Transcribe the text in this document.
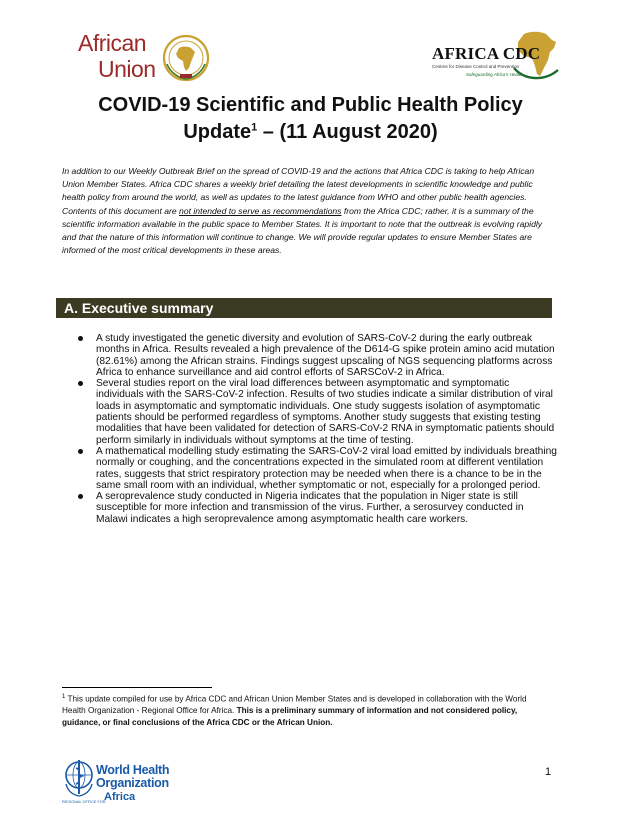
African
Union
AFRICA CDC
Centres for Disease Control and Prevention
Safeguarding Africa's Health
COVID-19 Scientific and Public Health Policy
Update$^1$ – (11 August 2020)

In addition to our Weekly Outbreak Brief on the spread of COVID-19 and the actions that Africa CDC is taking to help African Union Member States. Africa CDC shares a weekly brief detailing the latest developments in scientific knowledge and public health policy from around the world, as well as updates to the latest guidance from WHO and other public health agencies. Contents of this document are not intended to serve as recommendations from the Africa CDC; rather, it is a summary of the scientific information available in the public space to Member States. It is important to note that the outbreak is evolving rapidly and that the nature of this information will continue to change. We will provide regular updates to ensure Member States are informed of the most critical developments in these areas.

A. Executive summary
A study investigated the genetic diversity and evolution of SARS-CoV-2 during the early outbreak months in Africa. Results revealed a high prevalence of the D614-G spike protein amino acid mutation (82.61%) among the African strains. Findings suggest upscaling of NGS sequencing platforms across Africa to enhance surveillance and aid control efforts of SARSCoV-2 in Africa.
Several studies report on the viral load differences between asymptomatic and symptomatic individuals with the SARS-CoV-2 infection. Results of two studies indicate a similar distribution of viral loads in asymptomatic and symptomatic individuals. One study suggests isolation of asymptomatic patients should be performed regardless of symptoms. Another study suggests that existing testing modalities that have been validated for detection of SARS-CoV-2 RNA in symptomatic patients should perform similarly in individuals without symptoms at the time of testing.
A mathematical modelling study estimating the SARS-CoV-2 viral load emitted by individuals breathing normally or coughing, and the concentrations expected in the simulated room at different ventilation rates, suggests that strict respiratory protection may be needed when there is a chance to be in the same small room with an individual, whether symptomatic or not, especially for a prolonged period.
A seroprevalence study conducted in Nigeria indicates that the population in Niger state is still susceptible for more infection and transmission of the virus. Further, a serosurvey conducted in Malawi indicates a high seroprevalence among asymptomatic health care workers.

$^1$ This update compiled for use by Africa CDC and African Union Member States and is developed in collaboration with the World Health Organization - Regional Office for Africa. This is a preliminary summary of information and not considered policy, guidance, or final conclusions of the Africa CDC or the African Union.

World Health
Organization
REGIONAL OFFICE FOR
Africa
1
